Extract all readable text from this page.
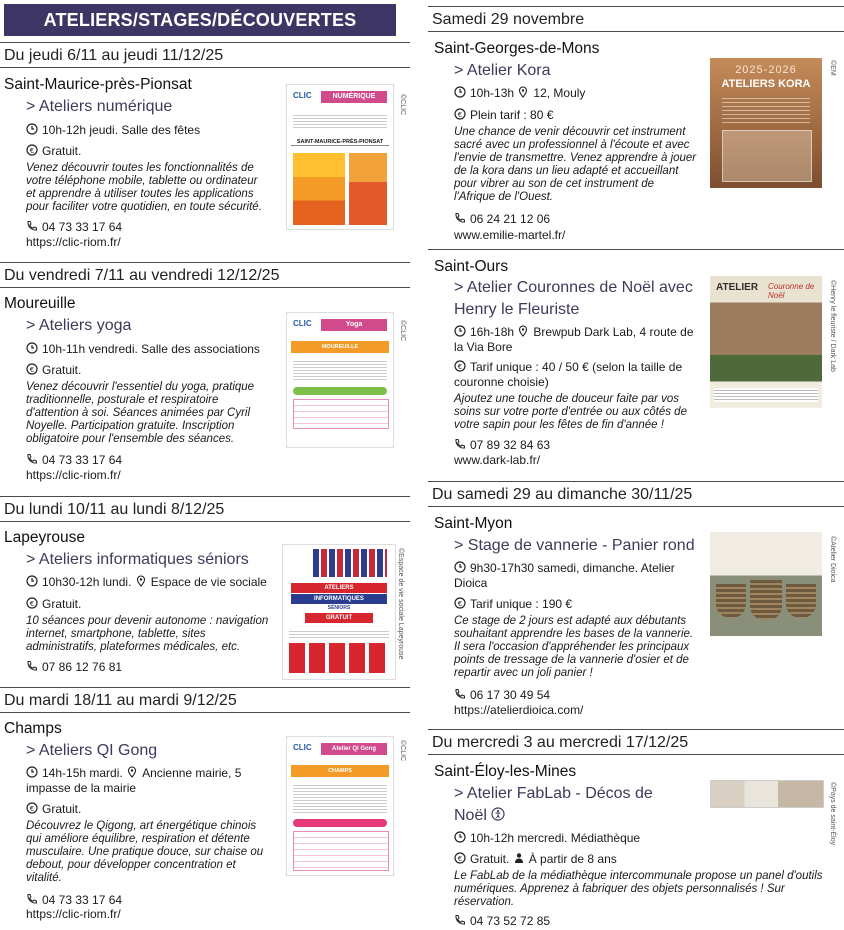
ATELIERS/STAGES/DÉCOUVERTES
Du jeudi 6/11 au jeudi 11/12/25
Saint-Maurice-près-Pionsat
> Ateliers numérique
10h-12h jeudi. Salle des fêtes
€ Gratuit.
Venez découvrir toutes les fonctionnalités de
votre téléphone mobile, tablette ou ordinateur
et apprendre à utiliser toutes les applications
pour faciliter votre quotidien, en toute sécurité.
04 73 33 17 64
https://clic-riom.fr/
CLIC	NUMÉRIQUE
SAINT-MAURICE-PRÈS-PIONSAT
©CLIC
Du vendredi 7/11 au vendredi 12/12/25
Moureuille
> Ateliers yoga
10h-11h vendredi. Salle des associations
€ Gratuit.
Venez découvrir l'essentiel du yoga, pratique
traditionnelle, posturale et respiratoire
d'attention à soi. Séances animées par Cyril
Noyelle. Participation gratuite. Inscription
obligatoire pour l'ensemble des séances.
04 73 33 17 64
https://clic-riom.fr/
CLIC	Yoga
MOUREUILLE
©CLIC
Du lundi 10/11 au lundi 8/12/25
Lapeyrouse
> Ateliers informatiques séniors
10h30-12h lundi. Espace de vie sociale
€ Gratuit.
10 séances pour devenir autonome : navigation
internet, smartphone, tablette, sites
administratifs, plateformes médicales, etc.
07 86 12 76 81
ATELIERS
INFORMATIQUES
SÉNIORS
GRATUIT	©Espace de vie sociale Lapeyrouse
Du mardi 18/11 au mardi 9/12/25
Champs
> Ateliers QI Gong
14h-15h mardi. Ancienne mairie, 5
impasse de la mairie
€ Gratuit.
Découvrez le Qigong, art énergétique chinois
qui améliore équilibre, respiration et détente
musculaire. Une pratique douce, sur chaise ou
debout, pour développer concentration et
vitalité.
04 73 33 17 64
https://clic-riom.fr/
CLIC	Atelier Qi Gong
CHAMPS
©CLIC
Samedi 29 novembre
Saint-Georges-de-Mons
> Atelier Kora
10h-13h 12, Mouly
€ Plein tarif : 80 €
Une chance de venir découvrir cet instrument
sacré avec un professionnel à l'écoute et avec
l'envie de transmettre. Venez apprendre à jouer
de la kora dans un lieu adapté et accueillant
pour vibrer au son de cet instrument de
l'Afrique de l'Ouest.
06 24 21 12 06
www.emilie-martel.fr/
2025-2026
ATELIERS KORA
©EM
Saint-Ours
> Atelier Couronnes de Noël avec
Henry le Fleuriste
16h-18h Brewpub Dark Lab, 4 route de
la Via Bore
€ Tarif unique : 40 / 50 € (selon la taille de
couronne choisie)
Ajoutez une touche de douceur faite par vos
soins sur votre porte d'entrée ou aux côtés de
votre sapin pour les fêtes de fin d'année !
07 89 32 84 63
www.dark-lab.fr/
ATELIER Couronne de Noël	©Henry le fleuriste / Dark Lab
Du samedi 29 au dimanche 30/11/25
Saint-Myon
> Stage de vannerie - Panier rond
9h30-17h30 samedi, dimanche. Atelier
Dioica
€ Tarif unique : 190 €
Ce stage de 2 jours est adapté aux débutants
souhaitant apprendre les bases de la vannerie.
Il sera l'occasion d'appréhender les principaux
points de tressage de la vannerie d'osier et de
repartir avec un joli panier !
06 17 30 49 54
https://atelierdioica.com/
©Atelier Dioica
Du mercredi 3 au mercredi 17/12/25
Saint-Éloy-les-Mines
> Atelier FabLab - Décos de
Noël
10h-12h mercredi. Médiathèque
€ Gratuit. À partir de 8 ans
Le FabLab de la médiathèque intercommunale propose un panel d'outils
numériques. Apprenez à fabriquer des objets personnalisés ! Sur
réservation.
04 73 52 72 85
©Pays de saint-Éloy
